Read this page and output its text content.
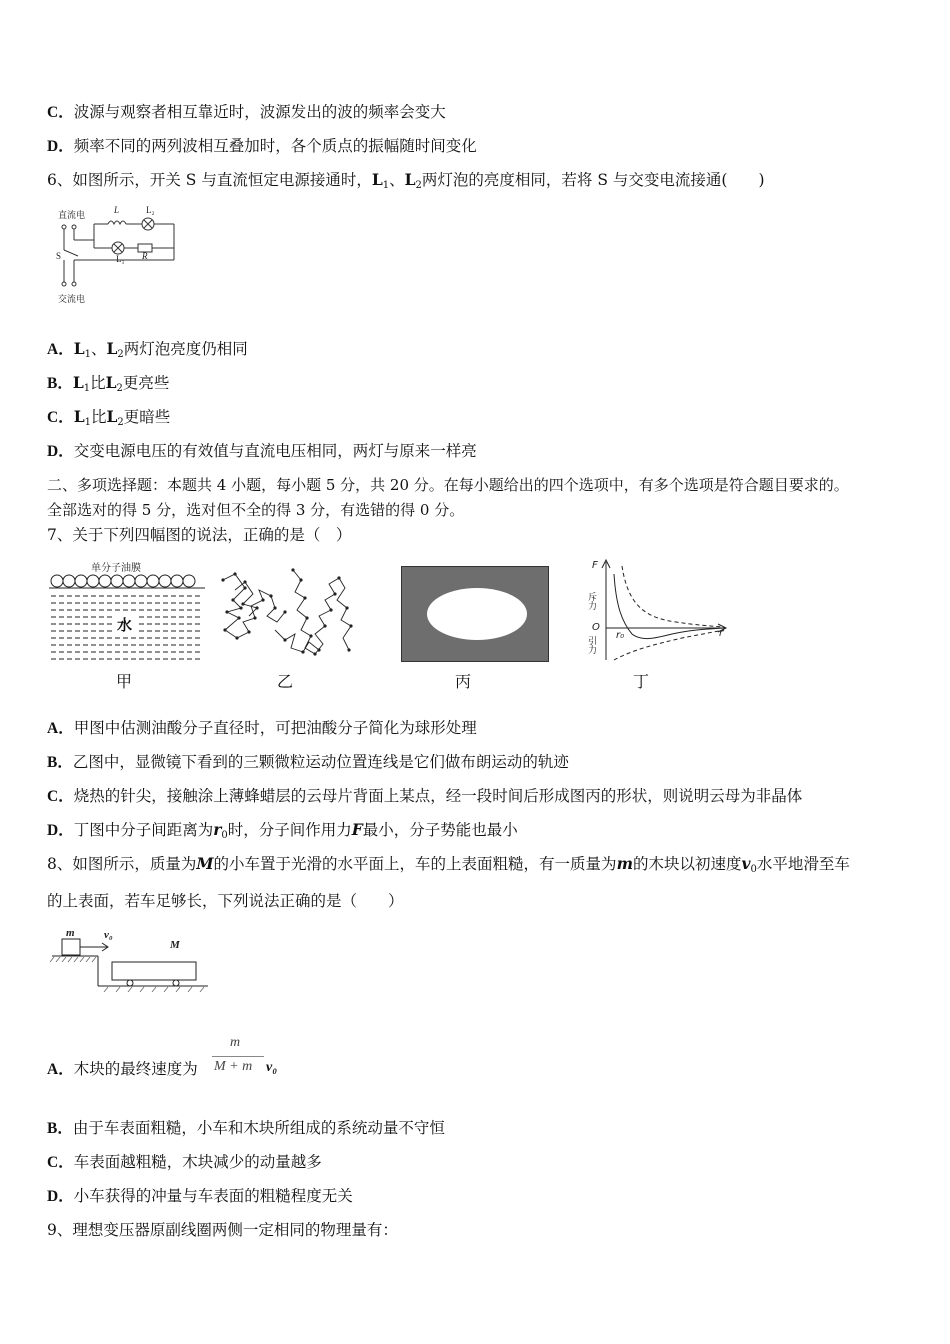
C．波源与观察者相互靠近时，波源发出的波的频率会变大
D．频率不同的两列波相互叠加时，各个质点的振幅随时间变化
6、如图所示，开关 S 与直流恒定电源接通时，$L_1$、$L_2$两灯泡的亮度相同，若将 S 与交变电流接通(　　)
直流电
交流电
L	L₂
L₁ R
S
A．$L_1$、$L_2$两灯泡亮度仍相同
B．$L_1$比$L_2$更亮些
C．$L_1$比$L_2$更暗些
D．交变电源电压的有效值与直流电压相同，两灯与原来一样亮
二、多项选择题：本题共 4 小题，每小题 5 分，共 20 分。在每小题给出的四个选项中，有多个选项是符合题目要求的。
全部选对的得 5 分，选对但不全的得 3 分，有选错的得 0 分。
7、关于下列四幅图的说法，正确的是（　）
单分子油膜
水
甲	乙	丙
F
斥力
O
引力
r₀	r
丁
A．甲图中估测油酸分子直径时，可把油酸分子简化为球形处理
B．乙图中，显微镜下看到的三颗微粒运动位置连线是它们做布朗运动的轨迹
C．烧热的针尖，接触涂上薄蜂蜡层的云母片背面上某点，经一段时间后形成图丙的形状，则说明云母为非晶体
D．丁图中分子间距离为$r_0$时，分子间作用力F最小，分子势能也最小
8、如图所示，质量为M的小车置于光滑的水平面上，车的上表面粗糙，有一质量为m的木块以初速度$v_0$水平地滑至车
的上表面，若车足够长，下列说法正确的是（　　）
m	v₀
M
A．木块的最终速度为
m
M + m v₀
B．由于车表面粗糙，小车和木块所组成的系统动量不守恒
C．车表面越粗糙，木块减少的动量越多
D．小车获得的冲量与车表面的粗糙程度无关
9、理想变压器原副线圈两侧一定相同的物理量有：
